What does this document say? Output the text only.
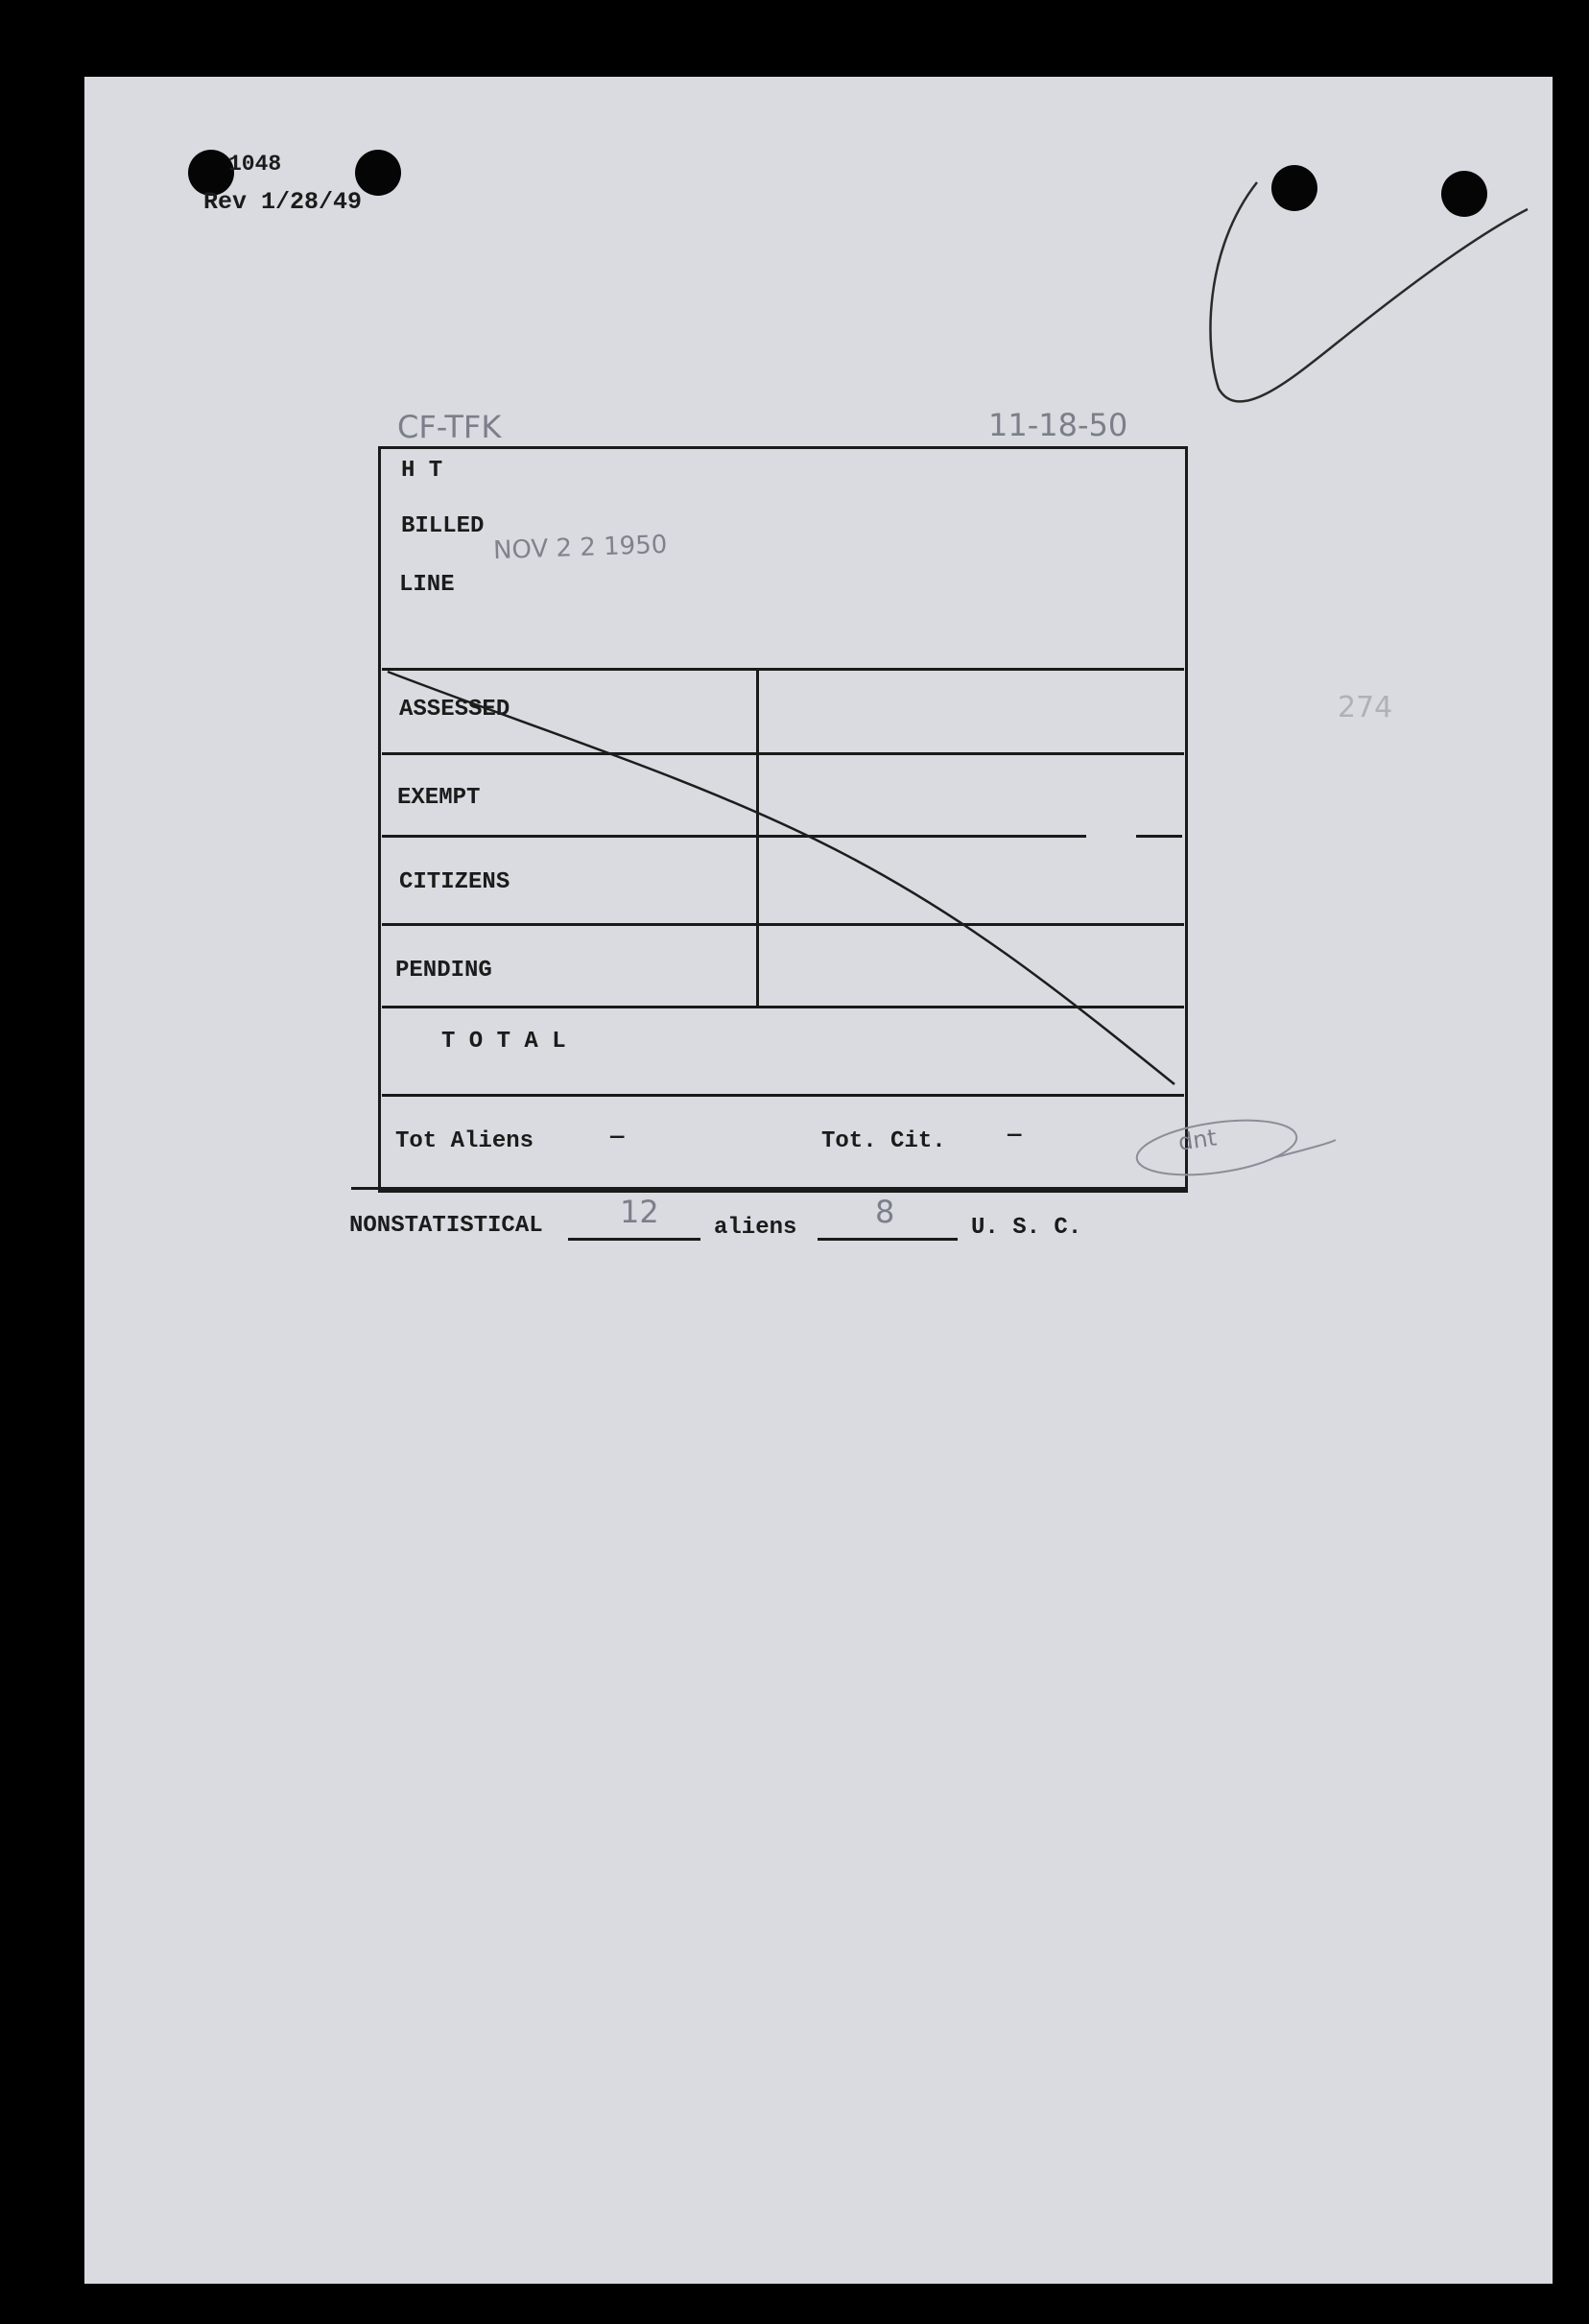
1048
Rev 1/28/49
CF-TFK	11-18-50
274
H T
BILLED
LINE
ASSESSED
EXEMPT
CITIZENS
PENDING
T O T A L
Tot Aliens	—	Tot. Cit.	—
NOV 2 2 1950
NONSTATISTICAL	12 aliens	8	U. S. C.
dnt
